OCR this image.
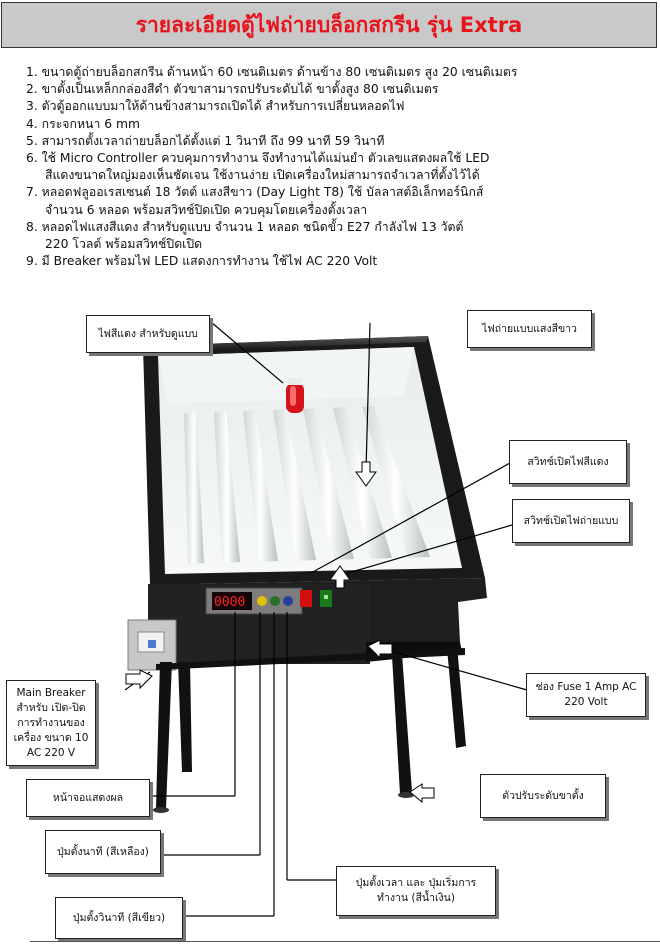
รายละเอียดตู้ไฟถ่ายบล็อกสกรีน รุ่น Extra
1. ขนาดตู้ถ่ายบล็อกสกรีน ด้านหน้า 60 เซนติเมตร ด้านข้าง 80 เซนติเมตร สูง 20 เซนติเมตร
2. ขาตั้งเป็นเหล็กกล่องสีดำ ตัวขาสามารถปรับระดับได้ ขาตั้งสูง 80 เซนติเมตร
3. ตัวตู้ออกแบบมาให้ด้านข้างสามารถเปิดได้ สำหรับการเปลี่ยนหลอดไฟ
4. กระจกหนา 6 mm
5. สามารถตั้งเวลาถ่ายบล็อกได้ตั้งแต่ 1 วินาที ถึง 99 นาที 59 วินาที
6. ใช้ Micro Controller ควบคุมการทำงาน จึงทำงานได้แม่นยำ ตัวเลขแสดงผลใช้ LED
สีแดงขนาดใหญ่มองเห็นชัดเจน ใช้งานง่าย เปิดเครื่องใหม่สามารถจำเวลาที่ตั้งไว้ได้
7. หลอดฟลูออเรสเซนต์ 18 วัตต์ แสงสีขาว (Day Light T8) ใช้ บัลลาสต์อิเล็กทอร์นิกส์
จำนวน 6 หลอด พร้อมสวิทช์ปิดเปิด ควบคุมโดยเครื่องตั้งเวลา
8. หลอดไฟแสงสีแดง สำหรับดูแบบ จำนวน 1 หลอด ชนิดขั้ว E27 กำลังไฟ 13 วัตต์
220 โวลต์ พร้อมสวิทช์ปิดเปิด
9. มี Breaker พร้อมไฟ LED แสดงการทำงาน ใช้ไฟ AC 220 Volt
0000
ไฟสีแดง สำหรับดูแบบ	ไฟถ่ายแบบแสงสีขาว
สวิทช์เปิดไฟสีแดง
สวิทช์เปิดไฟถ่ายแบบ
Main Breaker สำหรับ เปิด-ปิด การทำงานของเครื่อง ขนาด 10 AC 220 V
ช่อง Fuse 1 Amp AC 220 Volt
หน้าจอแสดงผล	ตัวปรับระดับขาตั้ง
ปุ่มตั้งนาที (สีเหลือง)
ปุ่มตั้งเวลา และ ปุ่มเริ่มการทำงาน (สีน้ำเงิน)
ปุ่มตั้งวินาที (สีเขียว)
